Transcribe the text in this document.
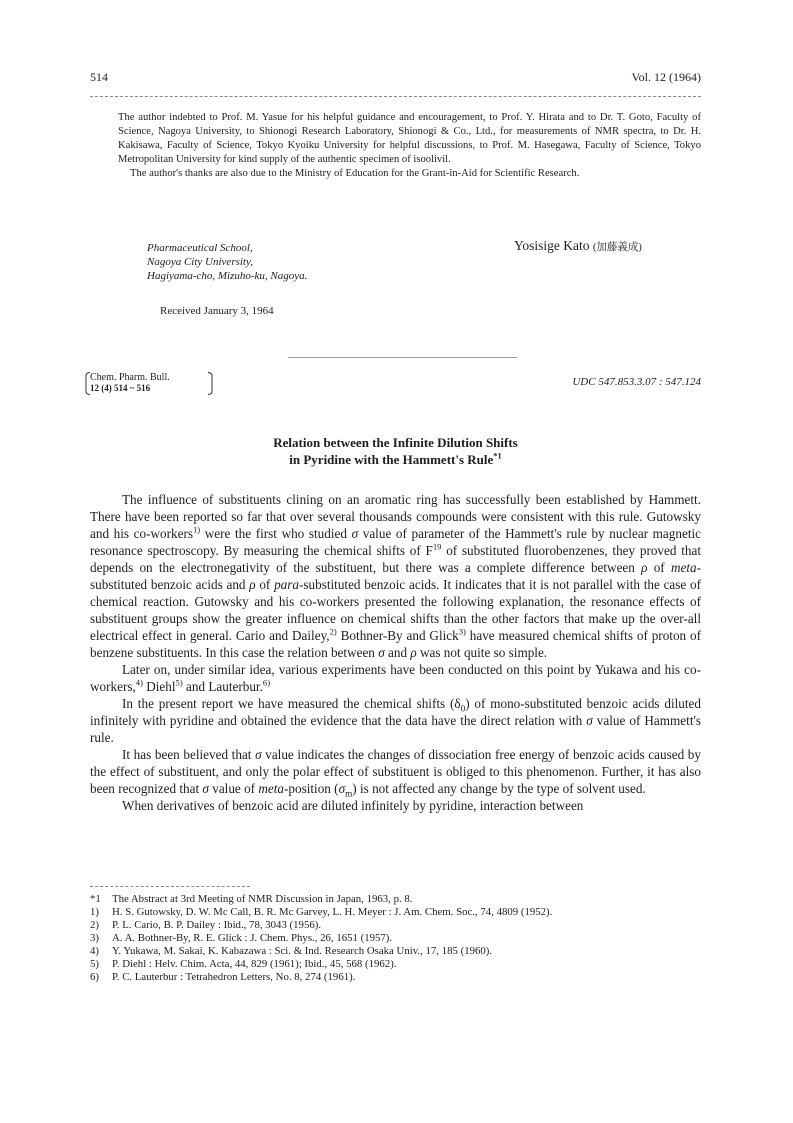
514	Vol. 12 (1964)

The author indebted to Prof. M. Yasue for his helpful guidance and encouragement, to Prof. Y. Hirata and to Dr. T. Goto, Faculty of Science, Nagoya University, to Shionogi Research Laboratory, Shionogi & Co., Ltd., for measurements of NMR spectra, to Dr. H. Kakisawa, Faculty of Science, Tokyo Kyoiku University for helpful discussions, to Prof. M. Hasegawa, Faculty of Science, Tokyo Metropolitan University for kind supply of the authentic specimen of isoolivil.

The author's thanks are also due to the Ministry of Education for the Grant-in-Aid for Scientific Research.

Pharmaceutical School,
Nagoya City University,
Hagiyama-cho, Mizuho-ku, Nagoya.
Yosisige Kato (加藤義成)
Received January 3, 1964
Chem. Pharm. Bull.
12 (4) 514 ~ 516	UDC 547.853.3.07 : 547.124
Relation between the Infinite Dilution Shifts
in Pyridine with the Hammett's Rule$^{*1}$

The influence of substituents clining on an aromatic ring has successfully been established by Hammett. There have been reported so far that over several thousands compounds were consistent with this rule. Gutowsky and his co-workers$^{1)}$ were the first who studied σ value of parameter of the Hammett's rule by nuclear magnetic resonance spectroscopy. By measuring the chemical shifts of $F^{19}$ of substituted fluorobenzenes, they proved that depends on the electronegativity of the substituent, but there was a complete difference between ρ of meta-substituted benzoic acids and ρ of para-substituted benzoic acids. It indicates that it is not parallel with the case of chemical reaction. Gutowsky and his co-workers presented the following explanation, the resonance effects of substituent groups show the greater influence on chemical shifts than the other factors that make up the over-all electrical effect in general. Cario and Dailey,$^{2)}$ Bothner-By and Glick$^{3)}$ have measured chemical shifts of proton of benzene substituents. In this case the relation between σ and ρ was not quite so simple.

Later on, under similar idea, various experiments have been conducted on this point by Yukawa and his co-workers,$^{4)}$ Diehl$^{5)}$ and Lauterbur.$^{6)}$

In the present report we have measured the chemical shifts $(\delta_0)$ of mono-substituted benzoic acids diluted infinitely with pyridine and obtained the evidence that the data have the direct relation with σ value of Hammett's rule.

It has been believed that σ value indicates the changes of dissociation free energy of benzoic acids caused by the effect of substituent, and only the polar effect of substituent is obliged to this phenomenon. Further, it has also been recognized that σ value of meta-position $(\sigma_m)$ is not affected any change by the type of solvent used.

When derivatives of benzoic acid are diluted infinitely by pyridine, interaction between

*1 The Abstract at 3rd Meeting of NMR Discussion in Japan, 1963, p. 8.
1) H. S. Gutowsky, D. W. Mc Call, B. R. Mc Garvey, L. H. Meyer : J. Am. Chem. Soc., 74, 4809 (1952).
2) P. L. Cario, B. P. Dailey : Ibid., 78, 3043 (1956).
3) A. A. Bothner-By, R. E. Glick : J. Chem. Phys., 26, 1651 (1957).
4) Y. Yukawa, M. Sakai, K. Kabazawa : Sci. & Ind. Research Osaka Univ., 17, 185 (1960).
5) P. Diehl : Helv. Chim. Acta, 44, 829 (1961); Ibid., 45, 568 (1962).
6) P. C. Lauterbur : Tetrahedron Letters, No. 8, 274 (1961).
